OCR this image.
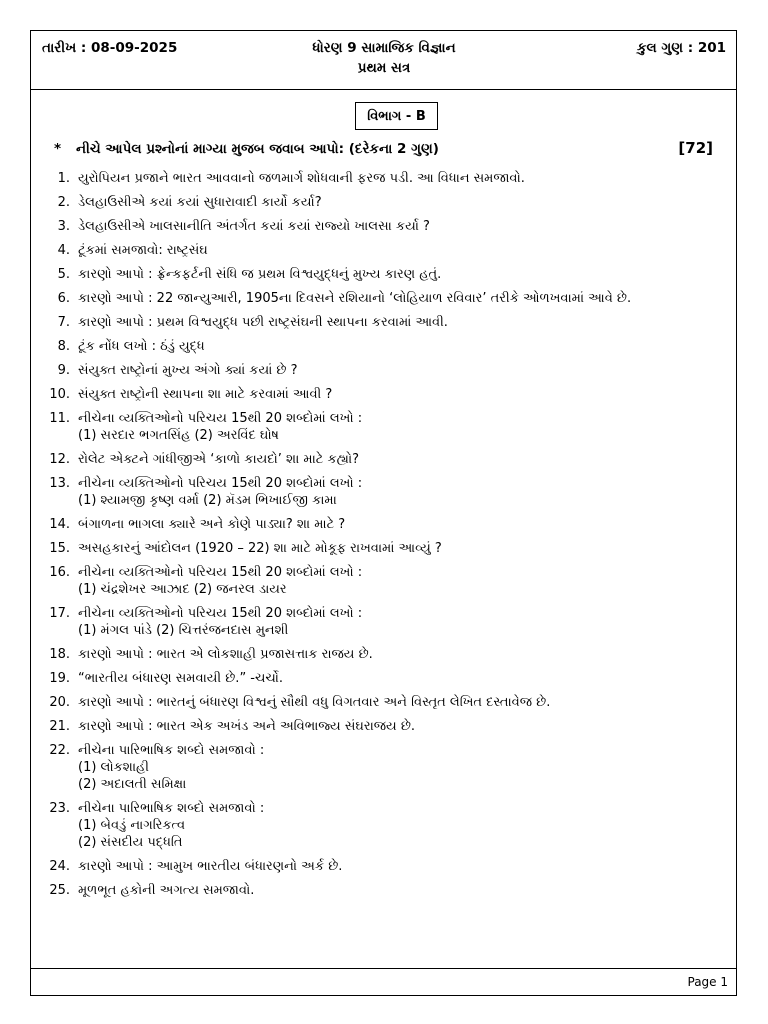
તારીખ : 08-09-2025	ધોરણ 9 સામાજિક વિજ્ઞાન
પ્રથમ સત્ર
કુલ ગુણ : 201
વિભાગ - B
* નીચે આપેલ પ્રશ્નોનાં માગ્યા મુજબ જવાબ આપો: (દરેકના 2 ગુણ)	[72]
1. યુરોપિયન પ્રજાને ભારત આવવાનો જળમાર્ગ શોધવાની ફરજ પડી. આ વિધાન સમજાવો.
2. ડેલહાઉસીએ કયાં કયાં સુધારાવાદી કાર્યો કર્યા?
3. ડેલહાઉસીએ ખાલસાનીતિ અંતર્ગત કયાં કયાં રાજ્યો ખાલસા કર્યા ?
4. ટૂંકમાં સમજાવો: રાષ્ટ્રસંઘ
5. કારણો આપો : ફ્રેન્કફર્ટની સંધિ જ પ્રથમ વિશ્વયુદ્ધનું મુખ્ય કારણ હતું.
6. કારણો આપો : 22 જાન્યુઆરી, 1905ના દિવસને રશિયાનો ‘લોહિયાળ રવિવાર’ તરીકે ઓળખવામાં આવે છે.
7. કારણો આપો : પ્રથમ વિશ્વયુદ્ધ પછી રાષ્ટ્રસંઘની સ્થાપના કરવામાં આવી.
8. ટૂંક નોંધ લખો : ઠંડું યુદ્ધ
9. સંયુક્ત રાષ્ટ્રોનાં મુખ્ય અંગો ક્યાં કયાં છે ?
10. સંયુક્ત રાષ્ટ્રોની સ્થાપના શા માટે કરવામાં આવી ?
11. નીચેના વ્યક્તિઓનો પરિચય 15થી 20 શબ્દોમાં લખો :
(1) સરદાર ભગતસિંહ (2) અરવિંદ ઘોષ
12. રોલેટ એક્ટને ગાંધીજીએ ‘કાળો કાયદો’ શા માટે કહ્યો?
13. નીચેના વ્યક્તિઓનો પરિચય 15થી 20 શબ્દોમાં લખો :
(1) શ્યામજી કૃષ્ણ વર્મા (2) મૅડમ ભિખાઈજી કામા
14. બંગાળના ભાગલા ક્યારે અને કોણે પાડ્યા? શા માટે ?
15. અસહકારનું આંદોલન (1920 – 22) શા માટે મોકૂફ રાખવામાં આવ્યું ?
16. નીચેના વ્યક્તિઓનો પરિચય 15થી 20 શબ્દોમાં લખો :
(1) ચંદ્રશેખર આઝાદ (2) જનરલ ડાયર
17. નીચેના વ્યક્તિઓનો પરિચય 15થી 20 શબ્દોમાં લખો :
(1) મંગલ પાંડે (2) ચિત્તરંજનદાસ મુનશી
18. કારણો આપો : ભારત એ લોકશાહી પ્રજાસત્તાક રાજય છે.
19. “ભારતીય બંધારણ સમવાયી છે.” -ચર્ચો.
20. કારણો આપો : ભારતનું બંધારણ વિશ્વનું સૌથી વધુ વિગતવાર અને વિસ્તૃત લેખિત દસ્તાવેજ છે.
21. કારણો આપો : ભારત એક અખંડ અને અવિભાજ્ય સંઘરાજય છે.
22. નીચેના પારિભાષિક શબ્દો સમજાવો :
(1) લોકશાહી
(2) અદાલતી સમિક્ષા
23. નીચેના પારિભાષિક શબ્દો સમજાવો :
(1) બેવડું નાગરિકત્વ
(2) સંસદીય પદ્ધતિ
24. કારણો આપો : આમુખ ભારતીય બંધારણનો અર્ક છે.
25. મૂળભૂત હકોની અગત્ય સમજાવો.
Page 1
